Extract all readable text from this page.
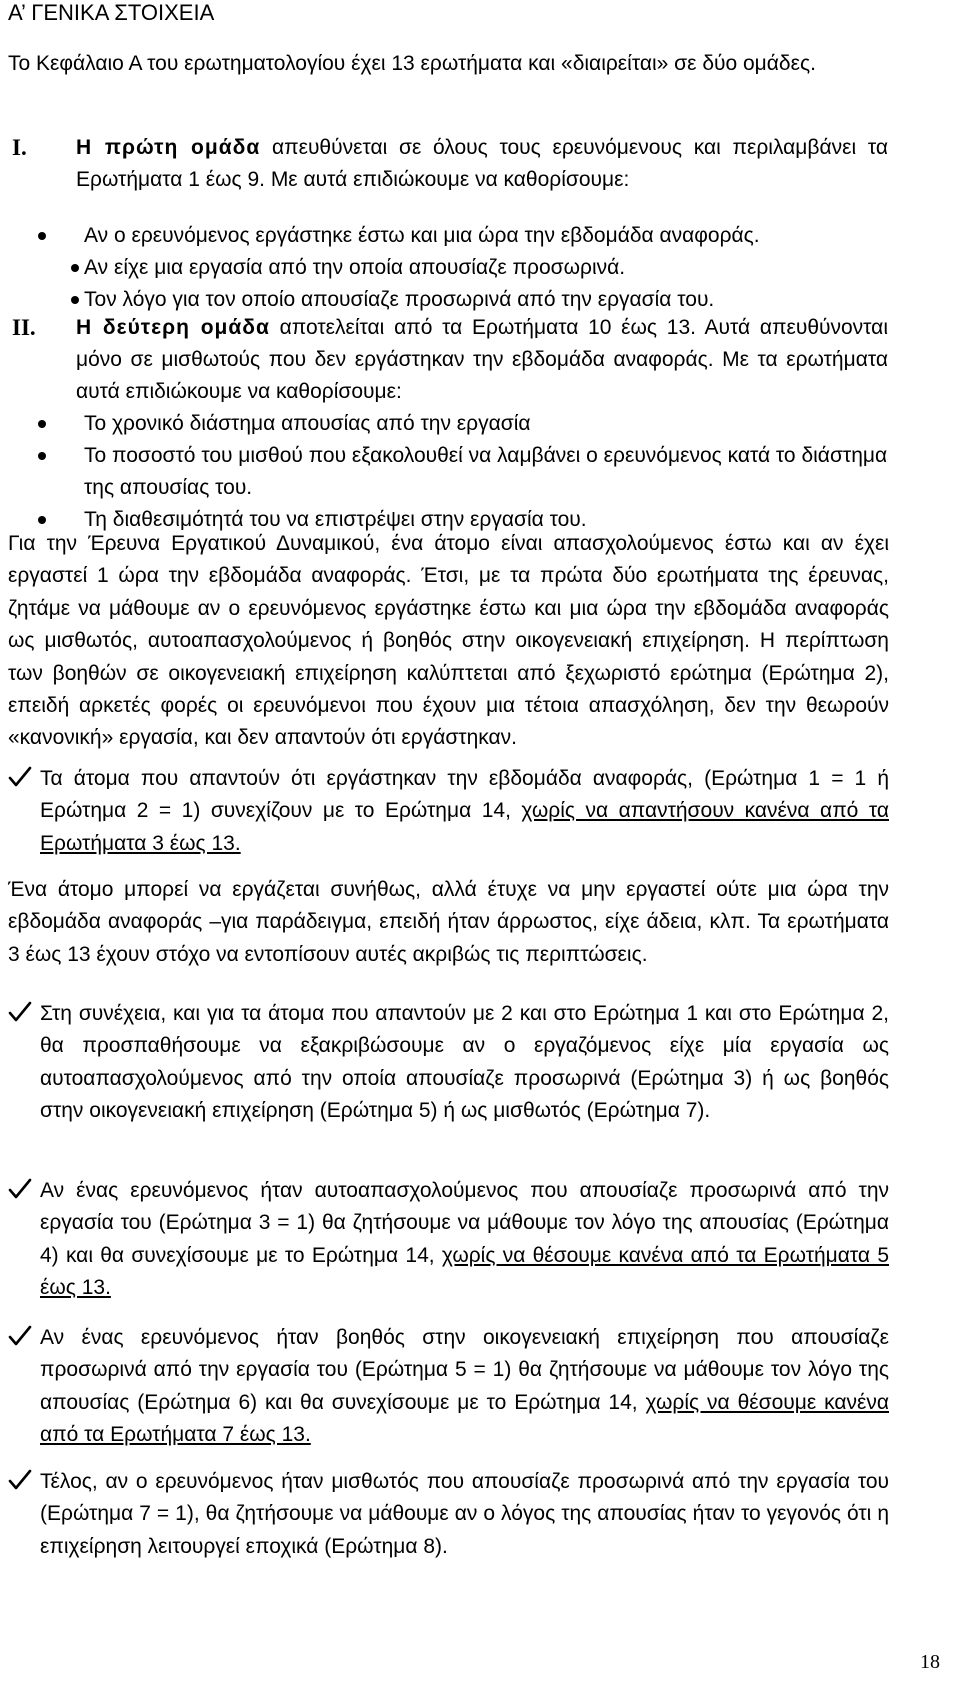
Α’ ΓΕΝΙΚΑ ΣΤΟΙΧΕΙΑ
Το Κεφάλαιο Α του ερωτηματολογίου έχει 13 ερωτήματα και «διαιρείται» σε δύο ομάδες.
I. Η πρώτη ομάδα απευθύνεται σε όλους τους ερευνόμενους και περιλαμβάνει τα Ερωτήματα 1 έως 9. Με αυτά επιδιώκουμε να καθορίσουμε:
Αν ο ερευνόμενος εργάστηκε έστω και μια ώρα την εβδομάδα αναφοράς.
Αν είχε μια εργασία από την οποία απουσίαζε προσωρινά.
Τον λόγο για τον οποίο απουσίαζε προσωρινά από την εργασία του.
II. Η δεύτερη ομάδα αποτελείται από τα Ερωτήματα 10 έως 13. Αυτά απευθύνονται μόνο σε μισθωτούς που δεν εργάστηκαν την εβδομάδα αναφοράς. Με τα ερωτήματα αυτά επιδιώκουμε να καθορίσουμε:
Το χρονικό διάστημα απουσίας από την εργασία
Το ποσοστό του μισθού που εξακολουθεί να λαμβάνει ο ερευνόμενος κατά το διάστημα της απουσίας του.
Τη διαθεσιμότητά του να επιστρέψει στην εργασία του.
Για την Έρευνα Εργατικού Δυναμικού, ένα άτομο είναι απασχολούμενος έστω και αν έχει εργαστεί 1 ώρα την εβδομάδα αναφοράς. Έτσι, με τα πρώτα δύο ερωτήματα της έρευνας, ζητάμε να μάθουμε αν ο ερευνόμενος εργάστηκε έστω και μια ώρα την εβδομάδα αναφοράς ως μισθωτός, αυτοαπασχολούμενος ή βοηθός στην οικογενειακή επιχείρηση. Η περίπτωση των βοηθών σε οικογενειακή επιχείρηση καλύπτεται από ξεχωριστό ερώτημα (Ερώτημα 2), επειδή αρκετές φορές οι ερευνόμενοι που έχουν μια τέτοια απασχόληση, δεν την θεωρούν «κανονική» εργασία, και δεν απαντούν ότι εργάστηκαν.
Τα άτομα που απαντούν ότι εργάστηκαν την εβδομάδα αναφοράς, (Ερώτημα 1 = 1 ή Ερώτημα 2 = 1) συνεχίζουν με το Ερώτημα 14, χωρίς να απαντήσουν κανένα από τα Ερωτήματα 3 έως 13.
Ένα άτομο μπορεί να εργάζεται συνήθως, αλλά έτυχε να μην εργαστεί ούτε μια ώρα την εβδομάδα αναφοράς –για παράδειγμα, επειδή ήταν άρρωστος, είχε άδεια, κλπ. Τα ερωτήματα 3 έως 13 έχουν στόχο να εντοπίσουν αυτές ακριβώς τις περιπτώσεις.
Στη συνέχεια, και για τα άτομα που απαντούν με 2 και στο Ερώτημα 1 και στο Ερώτημα 2, θα προσπαθήσουμε να εξακριβώσουμε αν ο εργαζόμενος είχε μία εργασία ως αυτοαπασχολούμενος από την οποία απουσίαζε προσωρινά (Ερώτημα 3) ή ως βοηθός στην οικογενειακή επιχείρηση (Ερώτημα 5) ή ως μισθωτός (Ερώτημα 7).
Αν ένας ερευνόμενος ήταν αυτοαπασχολούμενος που απουσίαζε προσωρινά από την εργασία του (Ερώτημα 3 = 1) θα ζητήσουμε να μάθουμε τον λόγο της απουσίας (Ερώτημα 4) και θα συνεχίσουμε με το Ερώτημα 14, χωρίς να θέσουμε κανένα από τα Ερωτήματα 5 έως 13.
Αν ένας ερευνόμενος ήταν βοηθός στην οικογενειακή επιχείρηση που απουσίαζε προσωρινά από την εργασία του (Ερώτημα 5 = 1) θα ζητήσουμε να μάθουμε τον λόγο της απουσίας (Ερώτημα 6) και θα συνεχίσουμε με το Ερώτημα 14, χωρίς να θέσουμε κανένα από τα Ερωτήματα 7 έως 13.
Τέλος, αν ο ερευνόμενος ήταν μισθωτός που απουσίαζε προσωρινά από την εργασία του (Ερώτημα 7 = 1), θα ζητήσουμε να μάθουμε αν ο λόγος της απουσίας ήταν το γεγονός ότι η επιχείρηση λειτουργεί εποχικά (Ερώτημα 8).
18
